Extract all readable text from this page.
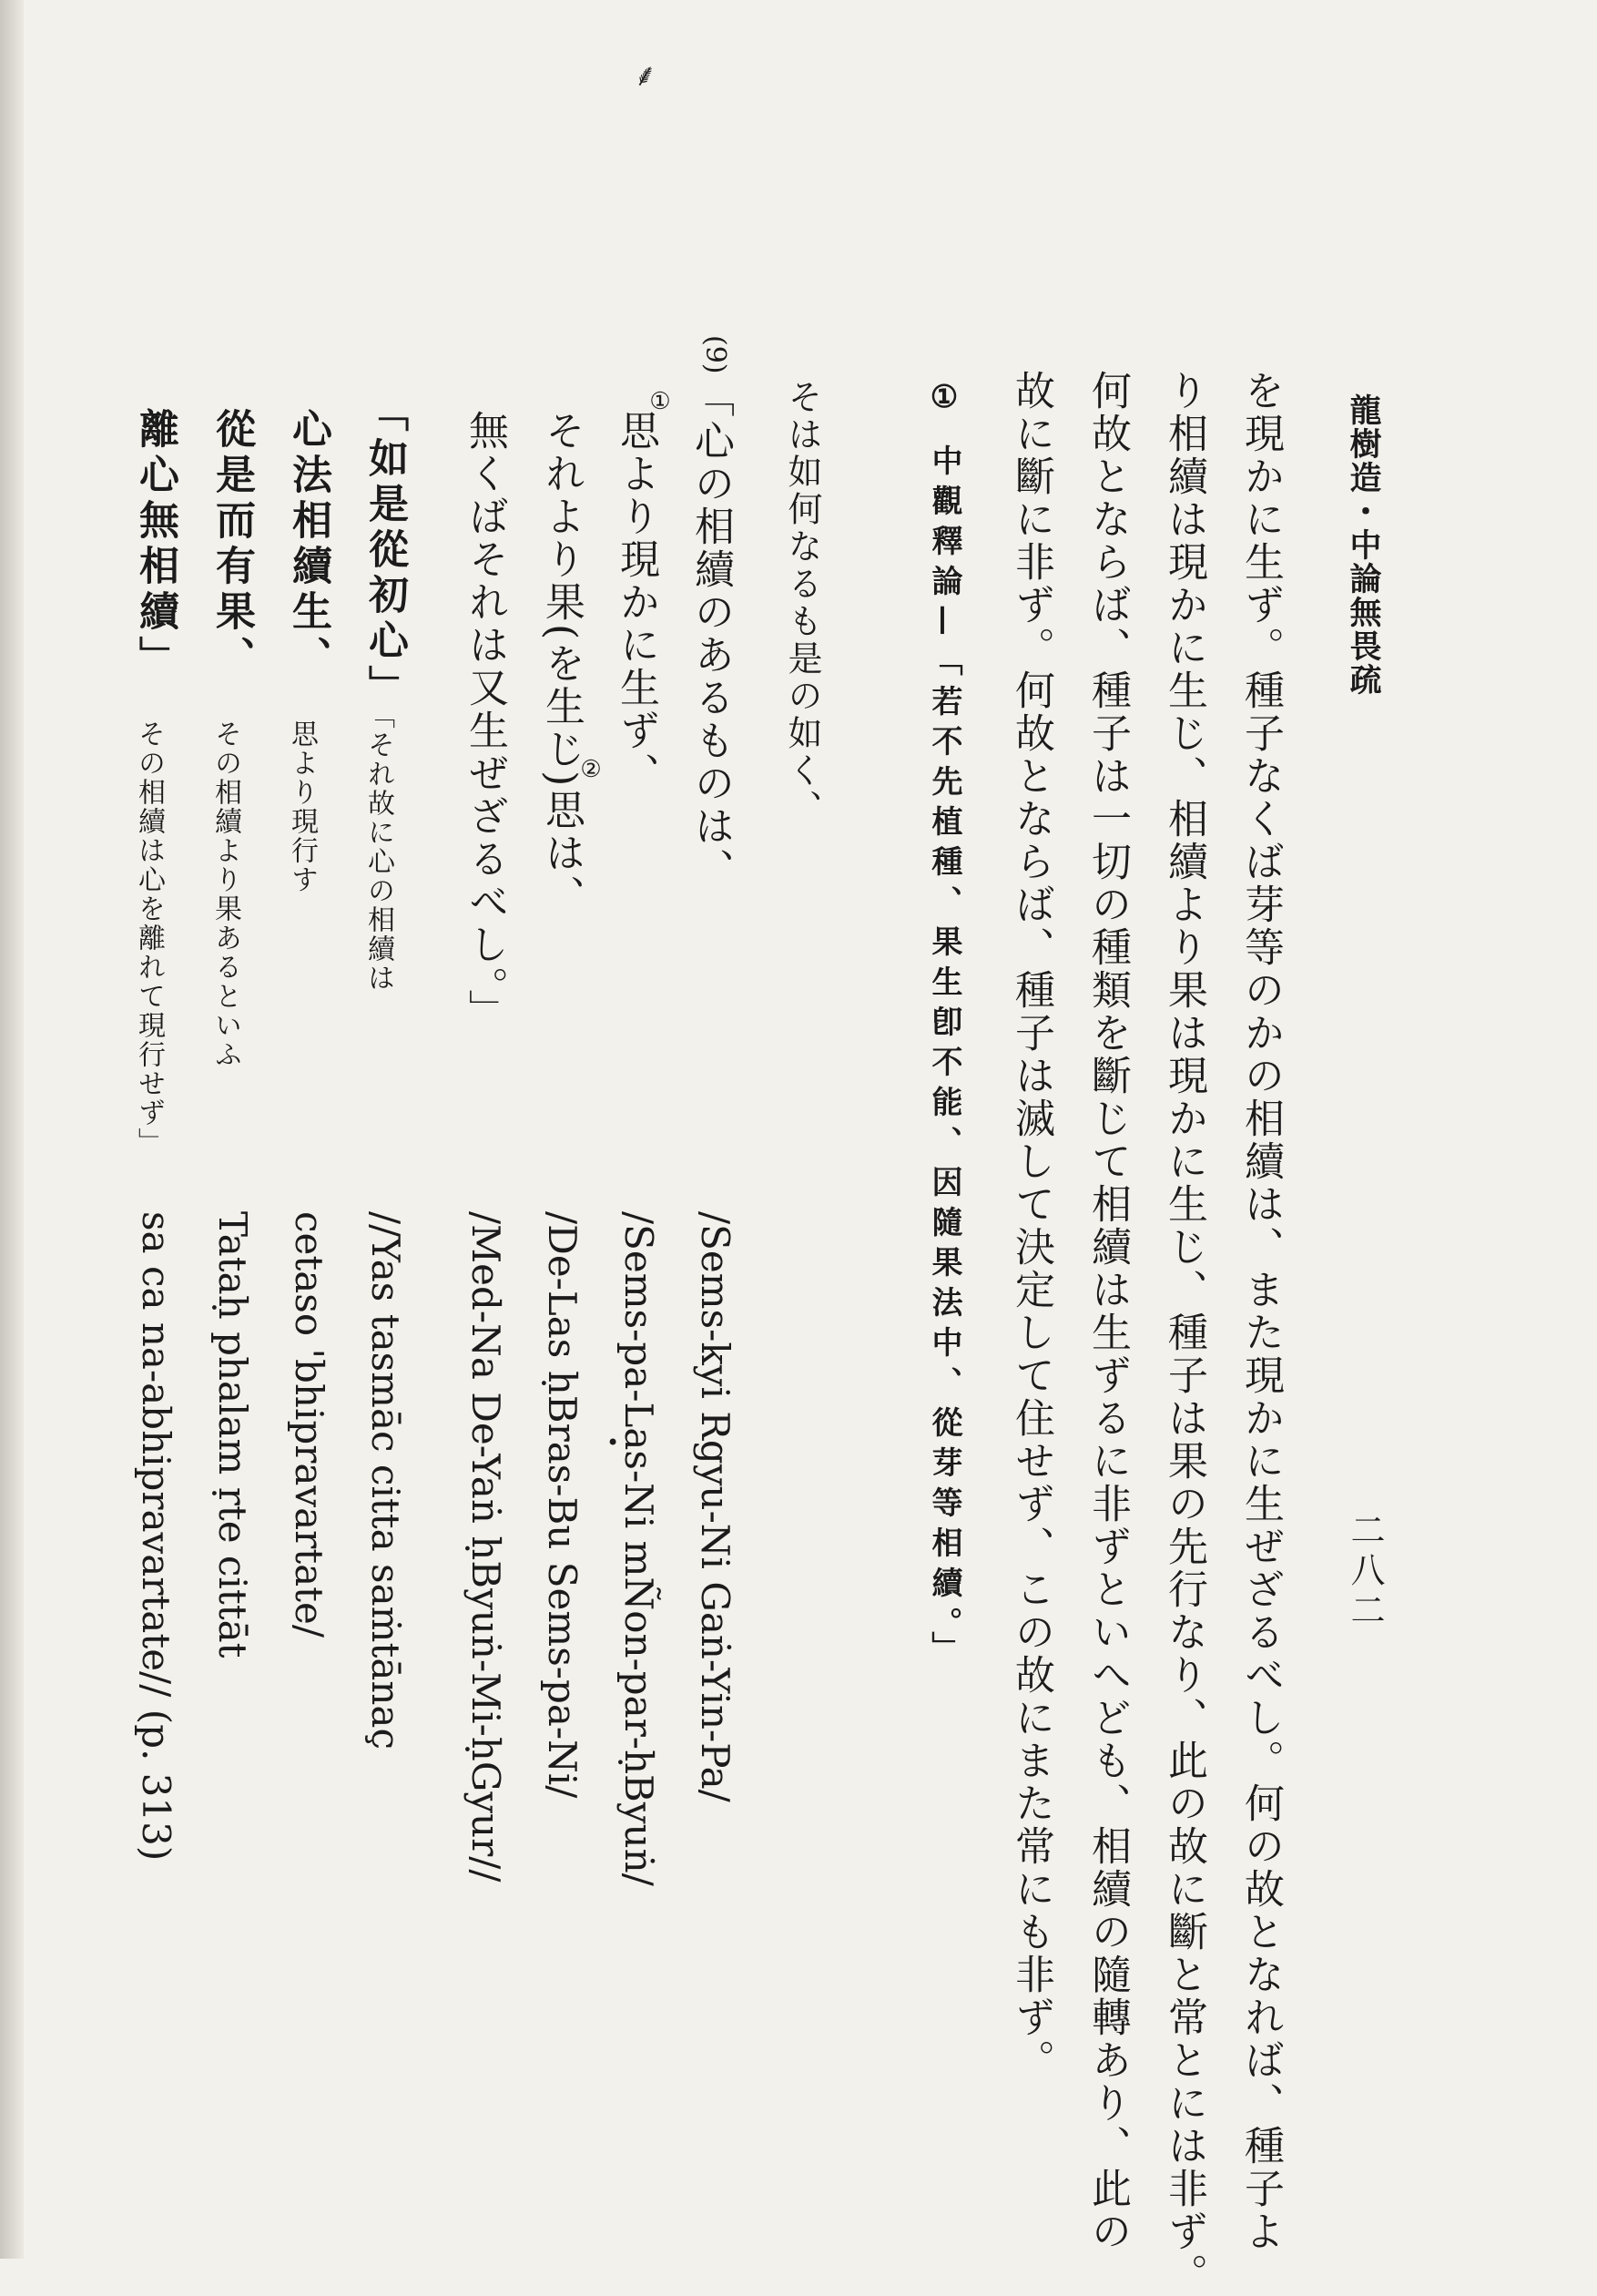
⸙
•
龍樹造・中論無畏疏
二八二
を現かに生ず。種子なくば芽等のかの相續は、また現かに生ぜざるべし。何の故となれば、種子よ
り相續は現かに生じ、相續より果は現かに生じ、種子は果の先行なり、此の故に斷と常とには非ず。
何故とならば、種子は一切の種類を斷じて相續は生ずるに非ずといへども、相續の隨轉あり、此の
故に斷に非ず。何故とならば、種子は滅して決定して住せず、この故にまた常にも非ず。
① 中觀釋論—「若不先植種、果生卽不能、因隨果法中、從芽等相續。」
そは如何なるも是の如く、
(9)
「心の相續のあるものは、
①
思より現かに生ず、
それより果(を生じ)思は、
②
無くばそれは又生ぜざるべし。」
「如是從初心」
「それ故に心の相續は
心法相續生、
思より現行す
從是而有果、
その相續より果あるといふ
離心無相續」
その相續は心を離れて現行せず」
/Sems-kyi Rgyu-Ni Gaṅ-Yin-Pa/
/Sems-pa-Las-Ni mÑon-par-ḥByuṅ/
/De-Las ḥBras-Bu Sems-pa-Ni/
/Med-Na De-Yaṅ ḥByuṅ-Mi-ḥGyur//
//Yas tasmāc citta saṁtānaç
cetaso 'bhipravartate/
Tataḥ phalam ṛte cittāt
sa ca na-abhipravartate// (p. 313)
